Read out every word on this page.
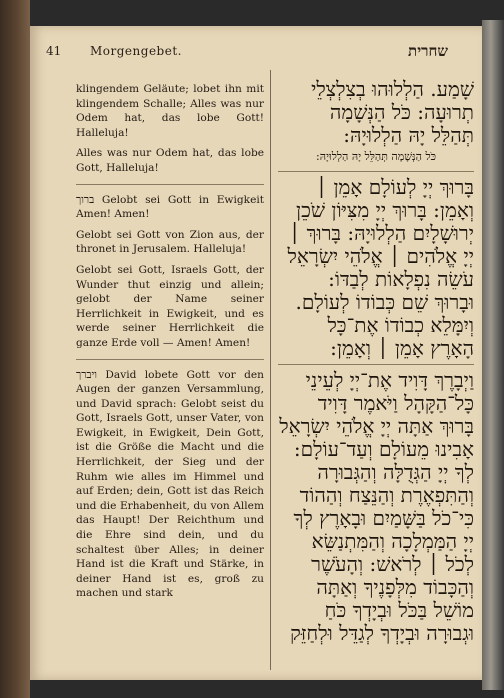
41 Morgengebet.	שחרית

klingendem Geläute; lobet ihn mit klingendem Schalle; Alles was nur Odem hat, das lobe Gott! Halleluja!

Alles was nur Odem hat, das lobe Gott, Halleluja!

ברוך Gelobt sei Gott in Ewigkeit Amen! Amen!

Gelobt sei Gott von Zion aus, der thronet in Jerusalem. Halleluja!

Gelobt sei Gott, Israels Gott, der Wunder thut einzig und allein; gelobt der Name seiner Herrlichkeit in Ewigkeit, und es werde seiner Herrlichkeit die ganze Erde voll — Amen! Amen!

ויברך David lobete Gott vor den Augen der ganzen Versammlung, und David sprach: Gelobt seist du Gott, Israels Gott, unser Vater, von Ewigkeit, in Ewigkeit, Dein Gott, ist die Größe die Macht und die Herrlichkeit, der Sieg und der Ruhm wie alles im Himmel und auf Erden; dein, Gott ist das Reich und die Erhabenheit, du von Allem das Haupt! Der Reichthum und die Ehre sind dein, und du schaltest über Alles; in deiner Hand ist die Kraft und Stärke, in deiner Hand ist es, groß zu machen und stark

שָׁמַע. הַלְלוּהוּ בְצִלְצְלֵי
תְרוּעָה: כֹּל הַנְּשָׁמָה
תְּהַלֵּל יָהּ הַלְלוּיָהּ:
כֹּל הַנְּשָׁמָה תְּהַלֵּל יָהּ הַלְלוּיָהּ:
בָּרוּךְ יְיָ לְעוֹלָם אָמֵן ׀
וְאָמֵן: בָּרוּךְ יְיָ מִצִּיּוֹן שֹׁכֵן
יְרוּשָׁלָיִם הַלְלוּיָהּ: בָּרוּךְ ׀
יְיָ אֱלֹהִים ׀ אֱלֹהֵי יִשְׂרָאֵל
עֹשֵׂה נִפְלָאוֹת לְבַדּוֹ:
וּבָרוּךְ שֵׁם כְּבוֹדוֹ לְעוֹלָם.
וְיִמָּלֵא כְבוֹדוֹ אֶת־כָּל
הָאָרֶץ אָמֵן ׀ וְאָמֵן:
וַיְבָרֶךְ דָּוִיד אֶת־יְיָ לְעֵינֵי
כָּל־הַקָּהָל וַיֹּאמֶר דָּוִיד
בָּרוּךְ אַתָּה יְיָ אֱלֹהֵי יִשְׂרָאֵל
אָבִינוּ מֵעוֹלָם וְעַד־עוֹלָם:
לְךָ יְיָ הַגְּדֻלָּה וְהַגְּבוּרָה
וְהַתִּפְאֶרֶת וְהַנֵּצַח וְהַהוֹד
כִּי־כֹל בַּשָּׁמַיִם וּבָאָרֶץ לְךָ
יְיָ הַמַּמְלָכָה וְהַמִּתְנַשֵּׂא
לְכֹל ׀ לְרֹאשׁ: וְהָעֹשֶׁר
וְהַכָּבוֹד מִלְּפָנֶיךָ וְאַתָּה
מוֹשֵׁל בַּכֹּל וּבְיָדְךָ כֹּחַ
וּגְבוּרָה וּבְיָדְךָ לְגַדֵּל וּלְחַזֵּק
